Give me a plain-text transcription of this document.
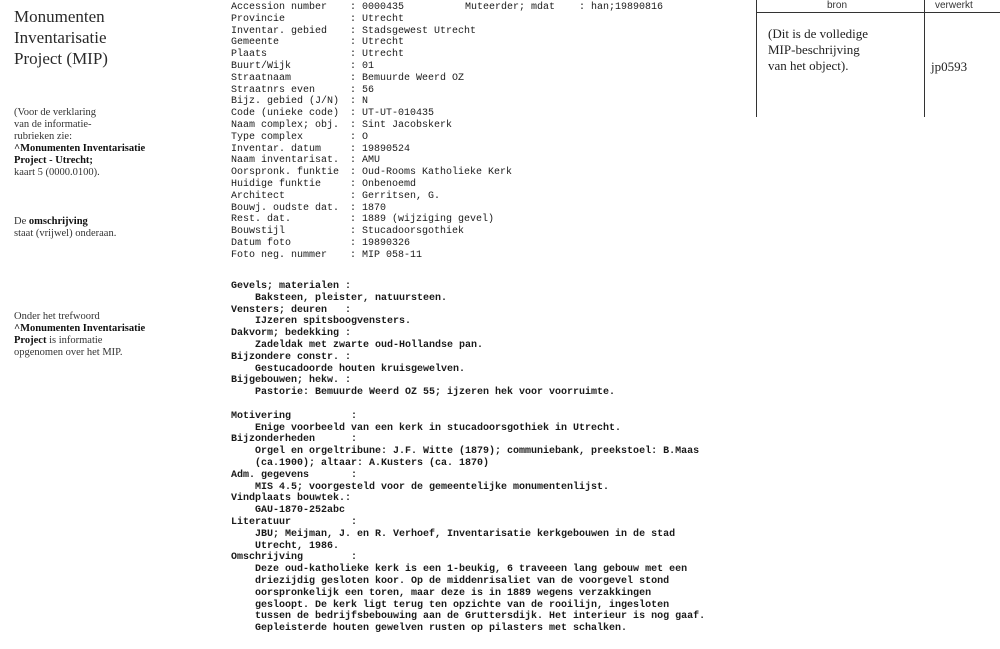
Monumenten
Inventarisatie
Project (MIP)
(Voor de verklaring
van de informatie-
rubrieken zie:
^Monumenten Inventarisatie
Project - Utrecht;
kaart 5 (0000.0100).
De omschrijving
staat (vrijwel) onderaan.
Onder het trefwoord
^Monumenten Inventarisatie
Project is informatie
opgenomen over het MIP.
Muteerder; mdat    : han;19890816
Accession number : 0000435
Provincie	: Utrecht
Inventar. gebied : Stadsgewest Utrecht
Gemeente	: Utrecht
Plaats	: Utrecht
Buurt/Wijk	: 01
Straatnaam	: Bemuurde Weerd OZ
Straatnrs even	: 56
Bijz. gebied (J/N) : N
Code (unieke code) : UT-UT-010435
Naam complex; obj. : Sint Jacobskerk
Type complex	: O
Inventar. datum	: 19890524
Naam inventarisat. : AMU
Oorspronk. funktie : Oud-Rooms Katholieke Kerk
Huidige funktie	: Onbenoemd
Architect	: Gerritsen, G.
Bouwj. oudste dat. : 1870
Rest. dat.	: 1889 (wijziging gevel)
Bouwstijl	: Stucadoorsgothiek
Datum foto	: 19890326
Foto neg. nummer : MIP 058-11
Gevels; materialen :
Baksteen, pleister, natuursteen.
Vensters; deuren   :
IJzeren spitsboogvensters.
Dakvorm; bedekking :
Zadeldak met zwarte oud-Hollandse pan.
Bijzondere constr. :
Gestucadoorde houten kruisgewelven.
Bijgebouwen; hekw. :
Pastorie: Bemuurde Weerd OZ 55; ijzeren hek voor voorruimte.
Motivering          :
Enige voorbeeld van een kerk in stucadoorsgothiek in Utrecht.
Bijzonderheden      :
Orgel en orgeltribune: J.F. Witte (1879); communiebank, preekstoel: B.Maas
(ca.1900); altaar: A.Kusters (ca. 1870)
Adm. gegevens       :
MIS 4.5; voorgesteld voor de gemeentelijke monumentenlijst.
Vindplaats bouwtek.:
GAU-1870-252abc
Literatuur          :
JBU; Meijman, J. en R. Verhoef, Inventarisatie kerkgebouwen in de stad
Utrecht, 1986.
Omschrijving        :
Deze oud-katholieke kerk is een 1-beukig, 6 traveeen lang gebouw met een
driezijdig gesloten koor. Op de middenrisaliet van de voorgevel stond
oorspronkelijk een toren, maar deze is in 1889 wegens verzakkingen
gesloopt. De kerk ligt terug ten opzichte van de rooilijn, ingesloten
tussen de bedrijfsbebouwing aan de Gruttersdijk. Het interieur is nog gaaf.
Gepleisterde houten gewelven rusten op pilasters met schalken.
bron	verwerkt
(Dit is de volledige
MIP-beschrijving
van het object).	jp0593
